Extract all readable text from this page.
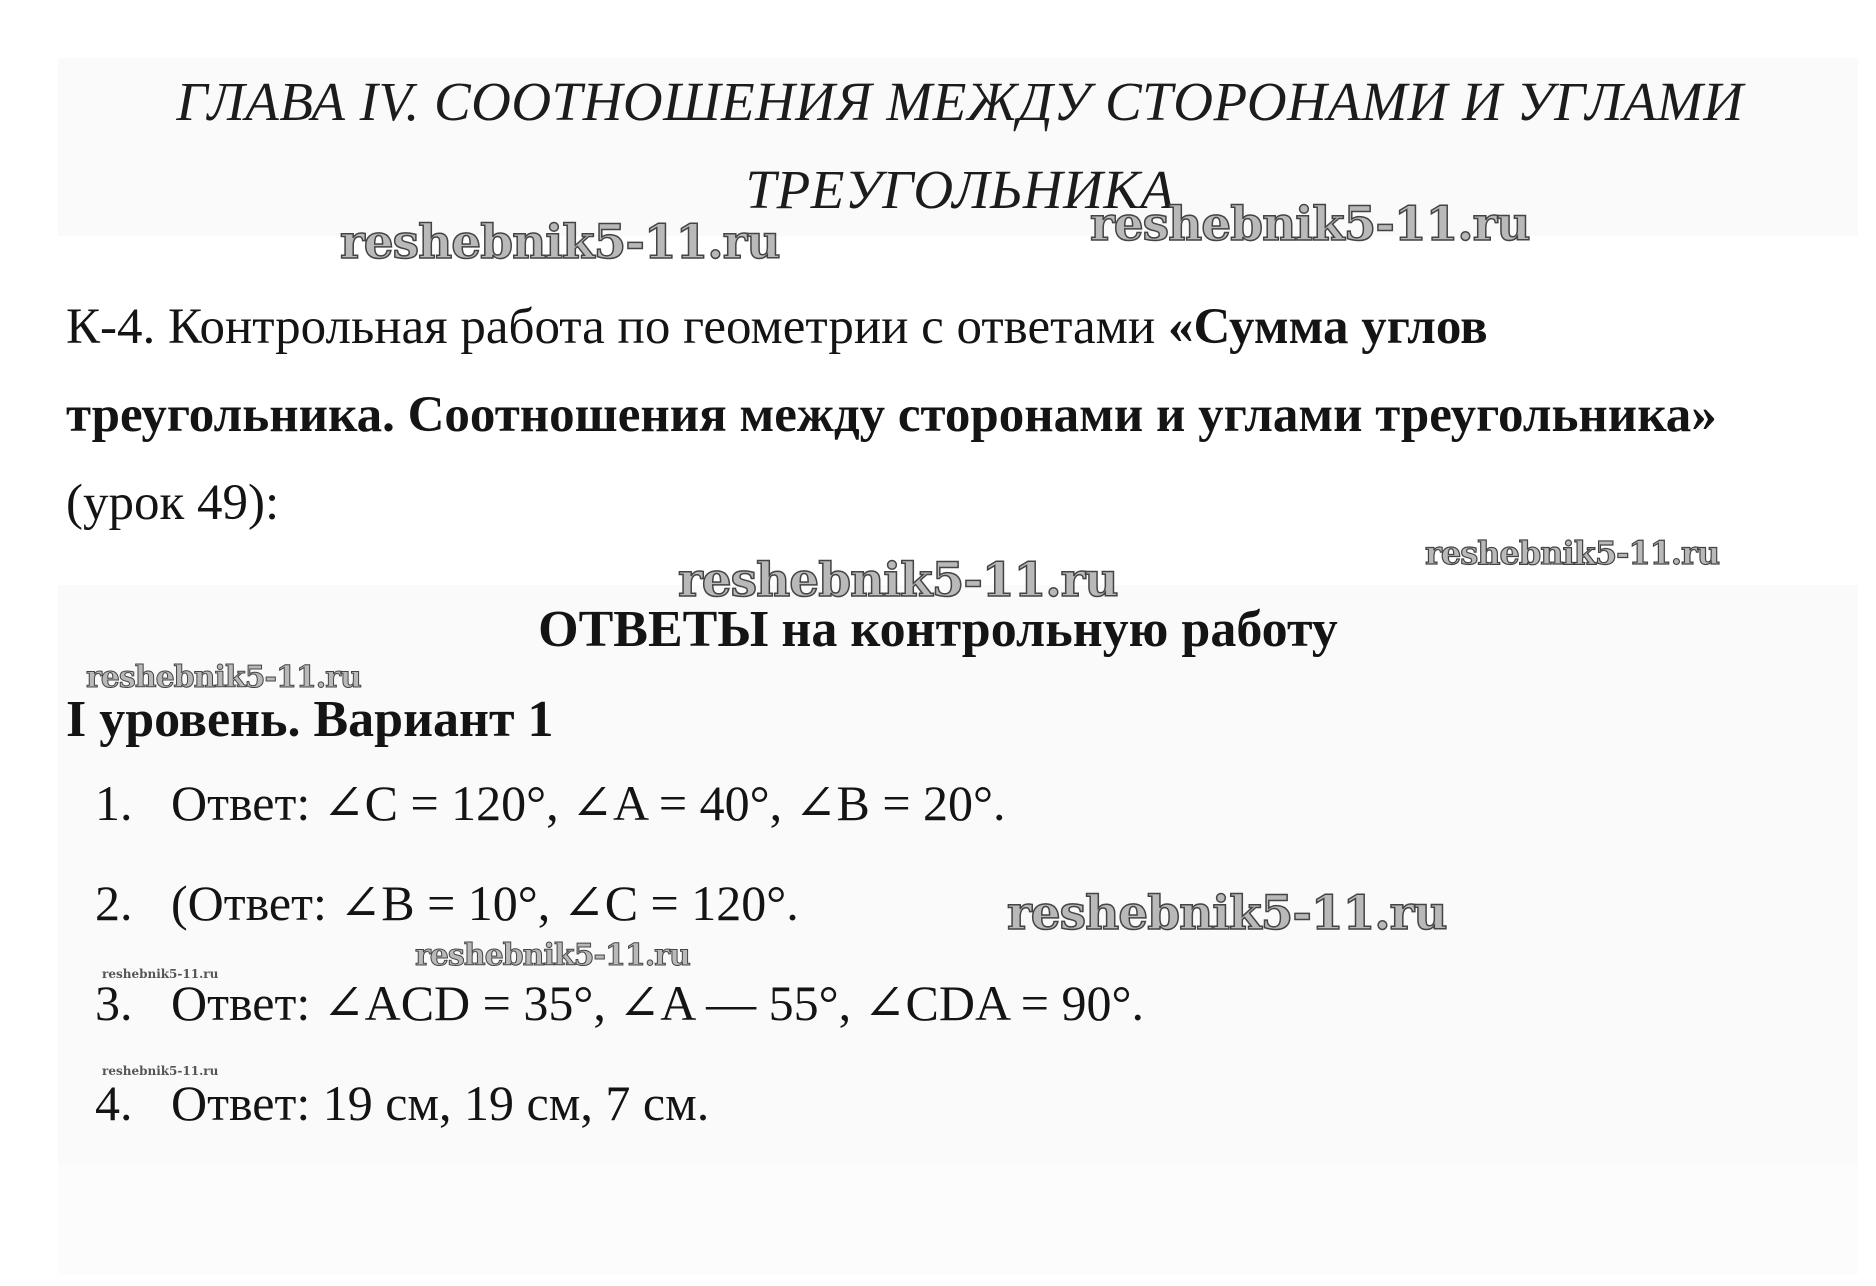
ГЛАВА IV. СООТНОШЕНИЯ МЕЖДУ СТОРОНАМИ И УГЛАМИ
ТРЕУГОЛЬНИКА

К-4. Контрольная работа по геометрии с ответами «Сумма углов треугольника. Соотношения между сторонами и углами треугольника» (урок 49):

ОТВЕТЫ на контрольную работу
I уровень. Вариант 1
1. Ответ: ∠C = 120°, ∠A = 40°, ∠B = 20°.
2. (Ответ: ∠B = 10°, ∠C = 120°.
3. Ответ: ∠ACD = 35°, ∠A — 55°, ∠CDA = 90°.
4. Ответ: 19 см, 19 см, 7 см.
reshebnik5-11.ru	reshebnik5-11.ru
reshebnik5-11.ru
reshebnik5-11.ru
reshebnik5-11.ru
reshebnik5-11.ru
reshebnik5-11.ru
reshebnik5-11.ru
reshebnik5-11.ru
